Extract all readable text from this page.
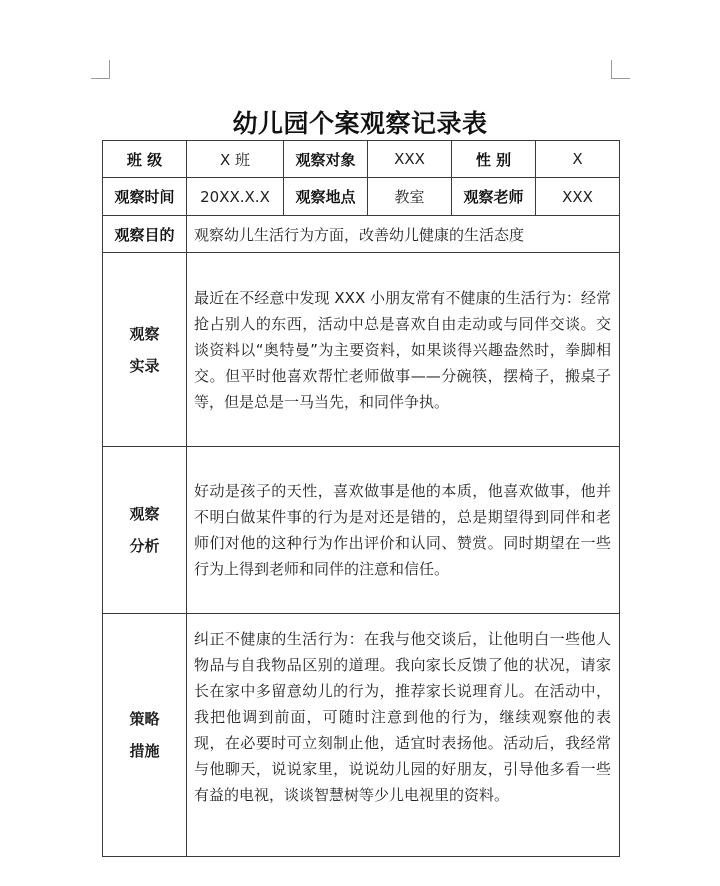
幼儿园个案观察记录表
班 级	X 班	观察对象	XXX	性 别	X
观察时间	20XX.X.X	观察地点	教室	观察老师	XXX
观察目的	观察幼儿生活行为方面，改善幼儿健康的生活态度				

观察
实录	最近在不经意中发现 XXX 小朋友常有不健康的生活行为：经常抢占别人的东西，活动中总是喜欢自由走动或与同伴交谈。交谈资料以“奥特曼”为主要资料，如果谈得兴趣盎然时，拳脚相交。但平时他喜欢帮忙老师做事——分碗筷，摆椅子，搬桌子等，但是总是一马当先，和同伴争执。				

观察
分析	好动是孩子的天性，喜欢做事是他的本质，他喜欢做事，他并不明白做某件事的行为是对还是错的，总是期望得到同伴和老师们对他的这种行为作出评价和认同、赞赏。同时期望在一些行为上得到老师和同伴的注意和信任。				

策略
措施	纠正不健康的生活行为：在我与他交谈后，让他明白一些他人物品与自我物品区别的道理。我向家长反馈了他的状况，请家长在家中多留意幼儿的行为，推荐家长说理育儿。在活动中，我把他调到前面，可随时注意到他的行为，继续观察他的表现，在必要时可立刻制止他，适宜时表扬他。活动后，我经常与他聊天，说说家里，说说幼儿园的好朋友，引导他多看一些有益的电视，谈谈智慧树等少儿电视里的资料。				
